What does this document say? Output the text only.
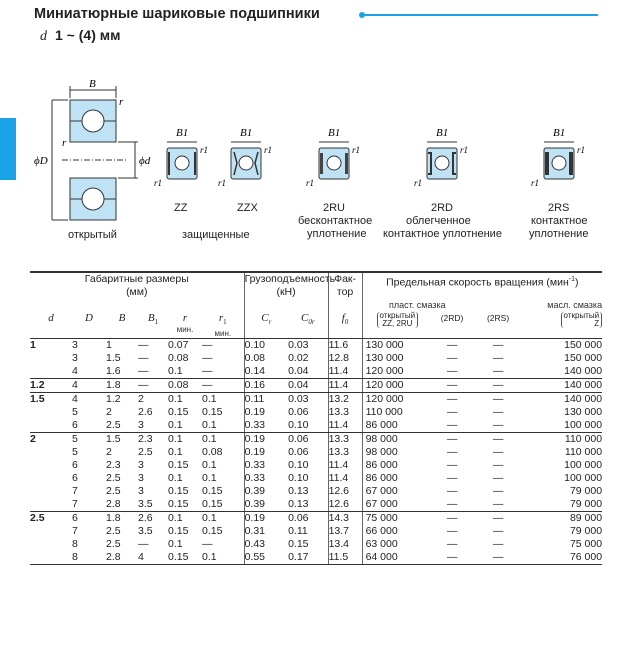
Миниатюрные шариковые подшипники
d 1 ~ (4) мм
B
r
r
ϕD	ϕd
B1
r1
r1
B1
r1
r1
B1
r1
r1
B1
r1
r1
B1
r1
r1
открытый
ZZ	ZZX
защищенные
2RU
бесконтактное
уплотнение
2RD
облегченное
контактное уплотнение
2RS
контактное
уплотнение
Габаритные размеры
(мм)						Грузоподъемность
(кН)		Фак-
тор	Предельная скорость вращения (мин$^{-1}$)			
									пласт. смазка			масл. смазка
d	D	B	$B_1$	r
мин.	$r_1$
мин.	$C_r$	$C_{0r}$	$f_0$	открытый
ZZ, 2RU	(2RD)	(2RS)	открытый
Z
1	3	1	—	0.07	—	0.10	0.03	11.6	130 000	—	—	150 000
	3	1.5	—	0.08	—	0.08	0.02	12.8	130 000	—	—	150 000
	4	1.6	—	0.1	—	0.14	0.04	11.4	120 000	—	—	140 000
1.2	4	1.8	—	0.08	—	0.16	0.04	11.4	120 000	—	—	140 000
1.5	4	1.2	2	0.1	0.1	0.11	0.03	13.2	120 000	—	—	140 000
	5	2	2.6	0.15	0.15	0.19	0.06	13.3	110 000	—	—	130 000
	6	2.5	3	0.1	0.1	0.33	0.10	11.4	86 000	—	—	100 000
2	5	1.5	2.3	0.1	0.1	0.19	0.06	13.3	98 000	—	—	110 000
	5	2	2.5	0.1	0.08	0.19	0.06	13.3	98 000	—	—	110 000
	6	2.3	3	0.15	0.1	0.33	0.10	11.4	86 000	—	—	100 000
	6	2.5	3	0.1	0.1	0.33	0.10	11.4	86 000	—	—	100 000
	7	2.5	3	0.15	0.15	0.39	0.13	12.6	67 000	—	—	79 000
	7	2.8	3.5	0.15	0.15	0.39	0.13	12.6	67 000	—	—	79 000
2.5	6	1.8	2.6	0.1	0.1	0.19	0.06	14.3	75 000	—	—	89 000
	7	2.5	3.5	0.15	0.15	0.31	0.11	13.7	66 000	—	—	79 000
	8	2.5	—	0.1	—	0.43	0.15	13.4	63 000	—	—	75 000
	8	2.8	4	0.15	0.1	0.55	0.17	11.5	64 000	—	—	76 000
